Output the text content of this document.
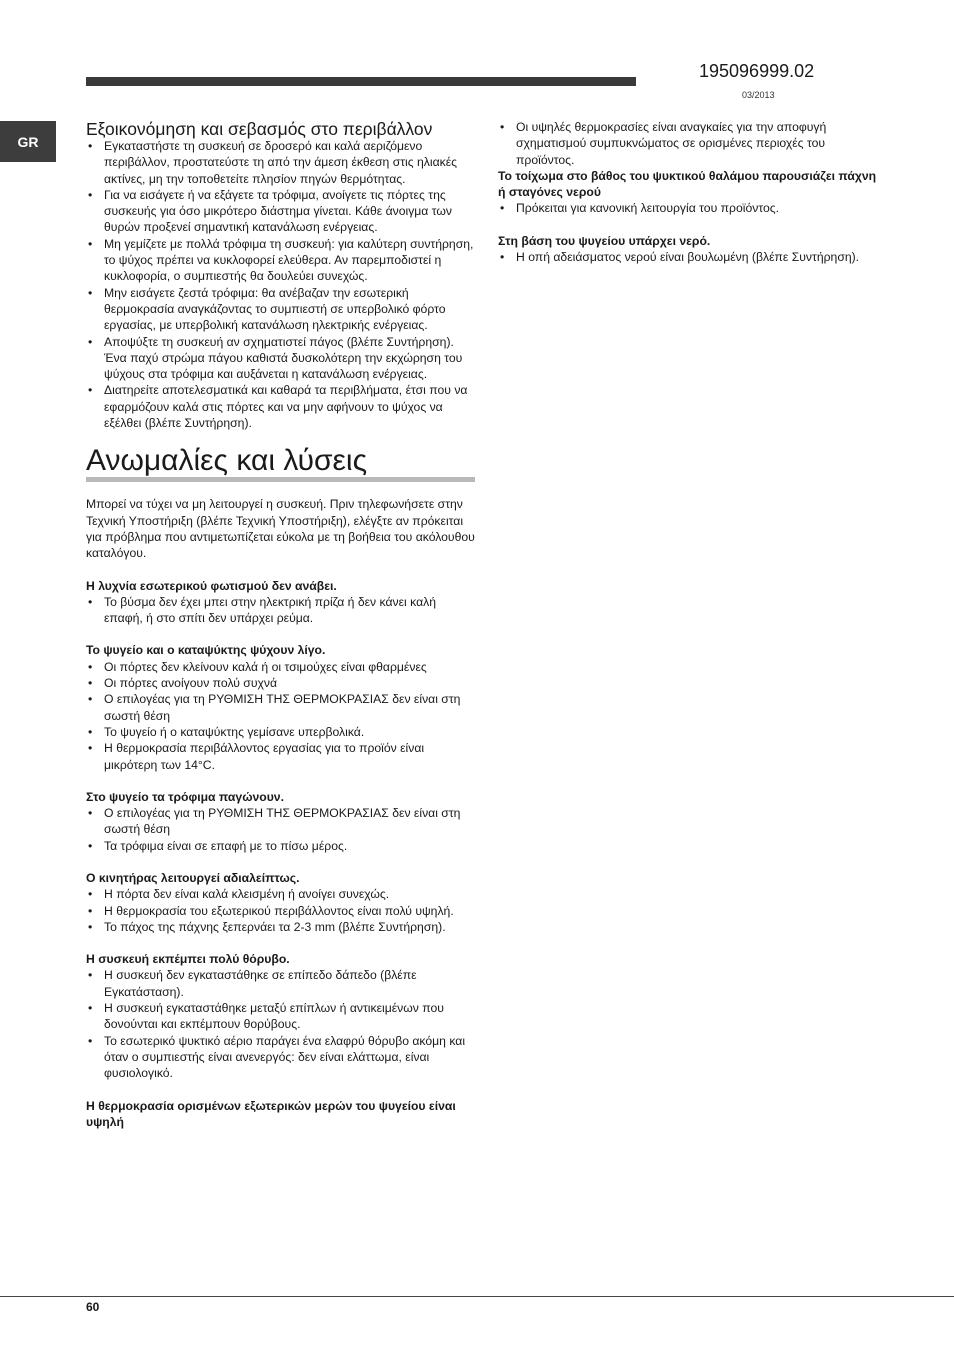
195096999.02
03/2013
GR
Εξοικονόμηση και σεβασμός στο περιβάλλον
• Εγκαταστήστε τη συσκευή σε δροσερό και καλά αεριζόμενο περιβάλλον, προστατεύστε τη από την άμεση έκθεση στις ηλιακές ακτίνες, μη την τοποθετείτε πλησίον πηγών θερμότητας.
• Για να εισάγετε ή να εξάγετε τα τρόφιμα, ανοίγετε τις πόρτες της συσκευής για όσο μικρότερο διάστημα γίνεται. Κάθε άνοιγμα των θυρών προξενεί σημαντική κατανάλωση ενέργειας.
• Μη γεμίζετε με πολλά τρόφιμα τη συσκευή: για καλύτερη συντήρηση, το ψύχος πρέπει να κυκλοφορεί ελεύθερα. Αν παρεμποδιστεί η κυκλοφορία, ο συμπιεστής θα δουλεύει συνεχώς.
• Μην εισάγετε ζεστά τρόφιμα: θα ανέβαζαν την εσωτερική θερμοκρασία αναγκάζοντας το συμπιεστή σε υπερβολικό φόρτο εργασίας, με υπερβολική κατανάλωση ηλεκτρικής ενέργειας.
• Αποψύξτε τη συσκευή αν σχηματιστεί πάγος (βλέπε Συντήρηση). Ένα παχύ στρώμα πάγου καθιστά δυσκολότερη την εκχώρηση του ψύχους στα τρόφιμα και αυξάνεται η κατανάλωση ενέργειας.
• Διατηρείτε αποτελεσματικά και καθαρά τα περιβλήματα, έτσι που να εφαρμόζουν καλά στις πόρτες και να μην αφήνουν το ψύχος να εξέλθει (βλέπε Συντήρηση).
Ανωμαλίες και λύσεις

Μπορεί να τύχει να μη λειτουργεί η συσκευή. Πριν τηλεφωνήσετε στην Τεχνική Υποστήριξη (βλέπε Τεχνική Υποστήριξη), ελέγξτε αν πρόκειται για πρόβλημα που αντιμετωπίζεται εύκολα με τη βοήθεια του ακόλουθου καταλόγου.

Η λυχνία εσωτερικού φωτισμού δεν ανάβει.
• Το βύσμα δεν έχει μπει στην ηλεκτρική πρίζα ή δεν κάνει καλή επαφή, ή στο σπίτι δεν υπάρχει ρεύμα.
Το ψυγείο και ο καταψύκτης ψύχουν λίγο.
• Οι πόρτες δεν κλείνουν καλά ή οι τσιμούχες είναι φθαρμένες
• Οι πόρτες ανοίγουν πολύ συχνά
• Ο επιλογέας για τη ΡΥΘΜΙΣΗ ΤΗΣ ΘΕΡΜΟΚΡΑΣΙΑΣ δεν είναι στη σωστή θέση
• Το ψυγείο ή ο καταψύκτης γεμίσανε υπερβολικά.
• Η θερμοκρασία περιβάλλοντος εργασίας για το προϊόν είναι μικρότερη των 14°C.
Στο ψυγείο τα τρόφιμα παγώνουν.
• Ο επιλογέας για τη ΡΥΘΜΙΣΗ ΤΗΣ ΘΕΡΜΟΚΡΑΣΙΑΣ δεν είναι στη σωστή θέση
• Τα τρόφιμα είναι σε επαφή με το πίσω μέρος.
Ο κινητήρας λειτουργεί αδιαλείπτως.
• Η πόρτα δεν είναι καλά κλεισμένη ή ανοίγει συνεχώς.
• Η θερμοκρασία του εξωτερικού περιβάλλοντος είναι πολύ υψηλή.
• Το πάχος της πάχνης ξεπερνάει τα 2-3 mm (βλέπε Συντήρηση).
Η συσκευή εκπέμπει πολύ θόρυβο.
• Η συσκευή δεν εγκαταστάθηκε σε επίπεδο δάπεδο (βλέπε Εγκατάσταση).
• Η συσκευή εγκαταστάθηκε μεταξύ επίπλων ή αντικειμένων που δονούνται και εκπέμπουν θορύβους.
• Το εσωτερικό ψυκτικό αέριο παράγει ένα ελαφρύ θόρυβο ακόμη και όταν ο συμπιεστής είναι ανενεργός: δεν είναι ελάττωμα, είναι φυσιολογικό.
Η θερμοκρασία ορισμένων εξωτερικών μερών του ψυγείου είναι υψηλή
• Οι υψηλές θερμοκρασίες είναι αναγκαίες για την αποφυγή σχηματισμού συμπυκνώματος σε ορισμένες περιοχές του προϊόντος.
Το τοίχωμα στο βάθος του ψυκτικού θαλάμου παρουσιάζει πάχνη ή σταγόνες νερού
• Πρόκειται για κανονική λειτουργία του προϊόντος.
Στη βάση του ψυγείου υπάρχει νερό.
• Η οπή αδειάσματος νερού είναι βουλωμένη (βλέπε Συντήρηση).
60
